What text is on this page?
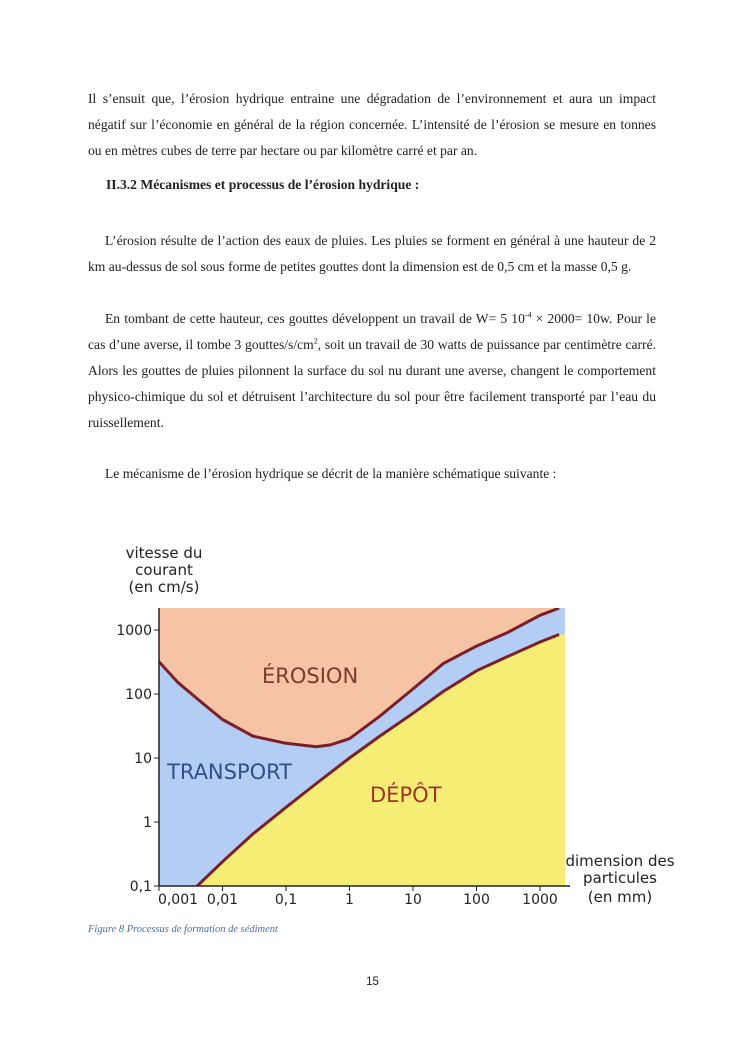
Il s’ensuit que, l’érosion hydrique entraine une dégradation de l’environnement et aura un impact négatif sur l’économie en général de la région concernée. L’intensité de l’érosion se mesure en tonnes ou en mètres cubes de terre par hectare ou par kilomètre carré et par an.

II.3.2 Mécanismes et processus de l’érosion hydrique :

L’érosion résulte de l’action des eaux de pluies. Les pluies se forment en général à une hauteur de 2 km au-dessus de sol sous forme de petites gouttes dont la dimension est de 0,5 cm et la masse 0,5 g.

En tombant de cette hauteur, ces gouttes développent un travail de W= 5 $10^{-4} \times 2000= 10w$. Pour le cas d’une averse, il tombe 3 gouttes/$s/cm^2$, soit un travail de 30 watts de puissance par centimètre carré. Alors les gouttes de pluies pilonnent la surface du sol nu durant une averse, changent le comportement physico-chimique du sol et détruisent l’architecture du sol pour être facilement transporté par l’eau du ruissellement.

Le mécanisme de l’érosion hydrique se décrit de la manière schématique suivante :

0,001 0,01	0,1	1	10	100 1000
0,1
1
10
100
1000
vitesse du
courant
(en cm/s)
dimension des
particules
(en mm)
ÉROSION
TRANSPORT
DÉPÔT
Figure 8 Processus de formation de sédiment
15
